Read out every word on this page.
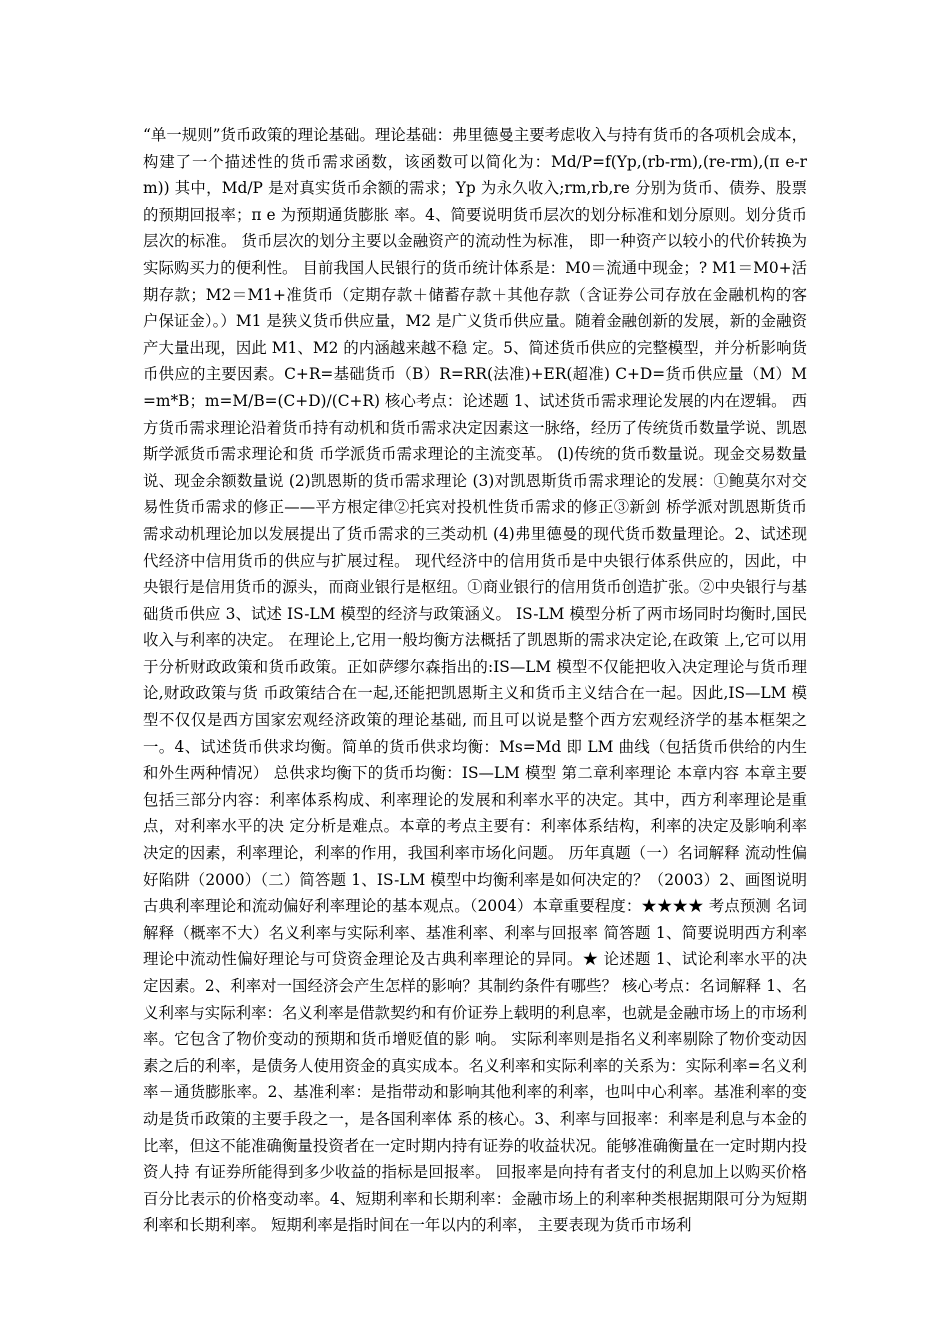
“单一规则”货币政策的理论基础。理论基础：弗里德曼主要考虑收入与持有货币的各项机会成本，构建了一个描述性的货币需求函数，该函数可以简化为：Md/P=f(Yp,(rb-rm),(re-rm),(π e-rm)) 其中，Md/P 是对真实货币余额的需求；Yp 为永久收入;rm,rb,re 分别为货币、债券、股票的预期回报率；π e 为预期通货膨胀 率。4、简要说明货币层次的划分标准和划分原则。划分货币层次的标准。 货币层次的划分主要以金融资产的流动性为标准， 即一种资产以较小的代价转换为实际购买力的便利性。 目前我国人民银行的货币统计体系是：M0＝流通中现金；? M1＝M0+活期存款；M2＝M1+准货币（定期存款＋储蓄存款＋其他存款（含证券公司存放在金融机构的客户保证金）。）M1 是狭义货币供应量，M2 是广义货币供应量。随着金融创新的发展，新的金融资产大量出现，因此 M1、M2 的内涵越来越不稳 定。5、简述货币供应的完整模型，并分析影响货币供应的主要因素。C+R=基础货币（B）R=RR(法准)+ER(超准) C+D=货币供应量（M）M=m*B；m=M/B=(C+D)/(C+R) 核心考点：论述题 1、试述货币需求理论发展的内在逻辑。 西方货币需求理论沿着货币持有动机和货币需求决定因素这一脉络，经历了传统货币数量学说、凯恩斯学派货币需求理论和货 币学派货币需求理论的主流变革。 (l)传统的货币数量说。现金交易数量说、现金余额数量说 (2)凯恩斯的货币需求理论 (3)对凯恩斯货币需求理论的发展：①鲍莫尔对交易性货币需求的修正——平方根定律②托宾对投机性货币需求的修正③新剑 桥学派对凯恩斯货币需求动机理论加以发展提出了货币需求的三类动机 (4)弗里德曼的现代货币数量理论。2、试述现代经济中信用货币的供应与扩展过程。 现代经济中的信用货币是中央银行体系供应的，因此，中央银行是信用货币的源头，而商业银行是枢纽。①商业银行的信用货币创造扩张。②中央银行与基础货币供应 3、试述 IS-LM 模型的经济与政策涵义。 IS-LM 模型分析了两市场同时均衡时,国民收入与利率的决定。 在理论上,它用一般均衡方法概括了凯恩斯的需求决定论,在政策 上,它可以用于分析财政政策和货币政策。正如萨缪尔森指出的:IS—LM 模型不仅能把收入决定理论与货币理论,财政政策与货 币政策结合在一起,还能把凯恩斯主义和货币主义结合在一起。因此,IS—LM 模型不仅仅是西方国家宏观经济政策的理论基础, 而且可以说是整个西方宏观经济学的基本框架之一。4、试述货币供求均衡。简单的货币供求均衡：Ms=Md 即 LM 曲线（包括货币供给的内生和外生两种情况） 总供求均衡下的货币均衡：IS—LM 模型 第二章利率理论 本章内容 本章主要包括三部分内容：利率体系构成、利率理论的发展和利率水平的决定。其中，西方利率理论是重点，对利率水平的决 定分析是难点。本章的考点主要有：利率体系结构，利率的决定及影响利率决定的因素，利率理论，利率的作用，我国利率市场化问题。 历年真题（一）名词解释 流动性偏好陷阱（2000）（二）简答题 1、IS-LM 模型中均衡利率是如何决定的？（2003）2、画图说明古典利率理论和流动偏好利率理论的基本观点。（2004）本章重要程度：★★★★ 考点预测 名词解释（概率不大）名义利率与实际利率、基准利率、利率与回报率 简答题 1、简要说明西方利率理论中流动性偏好理论与可贷资金理论及古典利率理论的异同。★ 论述题 1、试论利率水平的决定因素。2、利率对一国经济会产生怎样的影响？其制约条件有哪些？ 核心考点：名词解释 1、名义利率与实际利率：名义利率是借款契约和有价证券上载明的利息率，也就是金融市场上的市场利率。它包含了物价变动的预期和货币增贬值的影 响。 实际利率则是指名义利率剔除了物价变动因素之后的利率，是债务人使用资金的真实成本。名义利率和实际利率的关系为：实际利率=名义利率－通货膨胀率。2、基准利率：是指带动和影响其他利率的利率，也叫中心利率。基准利率的变动是货币政策的主要手段之一，是各国利率体 系的核心。3、利率与回报率：利率是利息与本金的比率，但这不能准确衡量投资者在一定时期内持有证券的收益状况。能够准确衡量在一定时期内投资人持 有证券所能得到多少收益的指标是回报率。 回报率是向持有者支付的利息加上以购买价格百分比表示的价格变动率。4、短期利率和长期利率：金融市场上的利率种类根据期限可分为短期利率和长期利率。 短期利率是指时间在一年以内的利率， 主要表现为货币市场利
